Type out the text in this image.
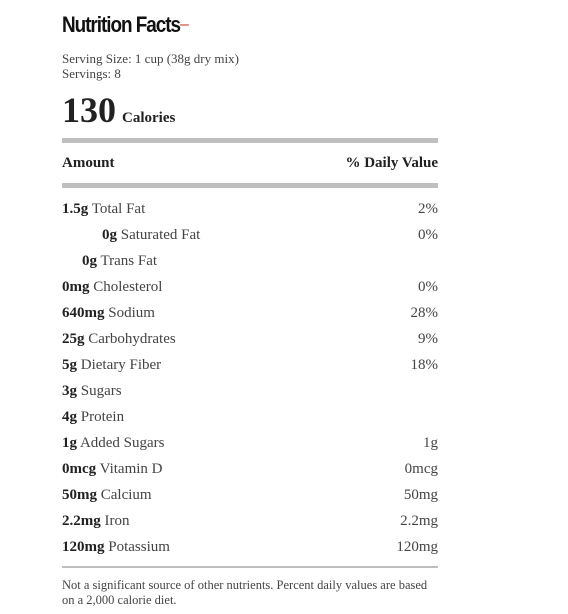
Nutrition Facts –
Serving Size: 1 cup (38g dry mix)
Servings: 8
130 Calories
Amount	% Daily Value
1.5g Total Fat	2%
0g Saturated Fat	0%
0g Trans Fat
0mg Cholesterol	0%
640mg Sodium	28%
25g Carbohydrates	9%
5g Dietary Fiber	18%
3g Sugars
4g Protein
1g Added Sugars	1g
0mcg Vitamin D	0mcg
50mg Calcium	50mg
2.2mg Iron	2.2mg
120mg Potassium	120mg
Not a significant source of other nutrients. Percent daily values are based on a 2,000 calorie diet.
